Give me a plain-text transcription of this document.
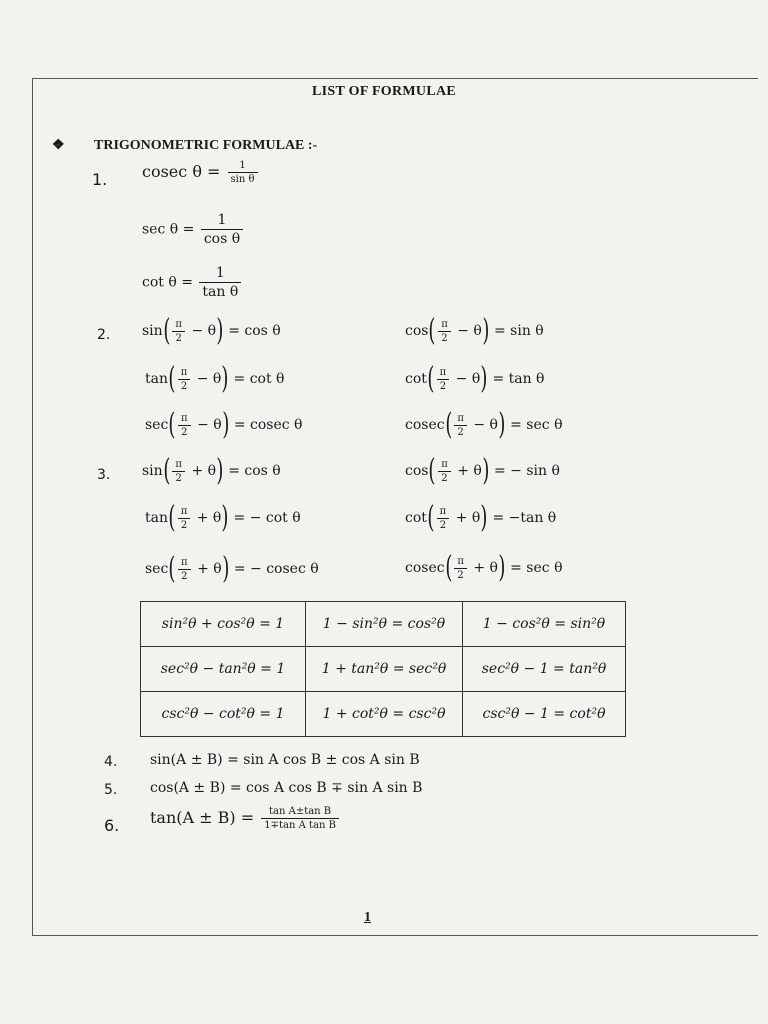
LIST OF FORMULAE
❖ TRIGONOMETRIC FORMULAE :-
1. cosec $\theta = \frac{1}{\text{sin θ}}$
$\sec \theta = \frac{1}{\text{cos θ}}$
$\cot \theta = \frac{1}{\text{tan θ}}$
2. $\sin( \frac{\pi}{2} - \theta) = \cos \theta$	$\cos( \frac{\pi}{2} - \theta) = \sin \theta$
$\tan( \frac{\pi}{2} - \theta) = \cot \theta$	$\cot( \frac{\pi}{2} - \theta) = \tan \theta$
$\sec( \frac{\pi}{2} - \theta) = cosec$ θ	$cosec( \frac{\pi}{2} - \theta) = \sec \theta$
3. $\sin( \frac{\pi}{2} + \theta) = \cos \theta$	$\cos( \frac{\pi}{2} + \theta)$ = − sin θ
$\tan( \frac{\pi}{2} + \theta)$ = − cot θ	$\cot( \frac{\pi}{2} + \theta) = -\tan$ θ
$\sec( \frac{\pi}{2} + \theta)$ = − cosec θ	$cosec( \frac{\pi}{2} + \theta) = \sec \theta$
sin²θ + cos²θ = 1	1 − sin²θ = cos²θ	1 − cos²θ = sin²θ
sec²θ − tan²θ = 1	1 + tan²θ = sec²θ	sec²θ − 1 = tan²θ
csc²θ − cot²θ = 1	1 + cot²θ = csc²θ	csc²θ − 1 = cot²θ
4. sin(A ± B) = sin A cos B ± cos A sin B
5. cos(A ± B) = cos A cos B ∓ sin A sin B
6. $\tan(A \pm B) = \frac{\text{tan A±tan B}}{\text{1∓tan A tan B}}$
1
